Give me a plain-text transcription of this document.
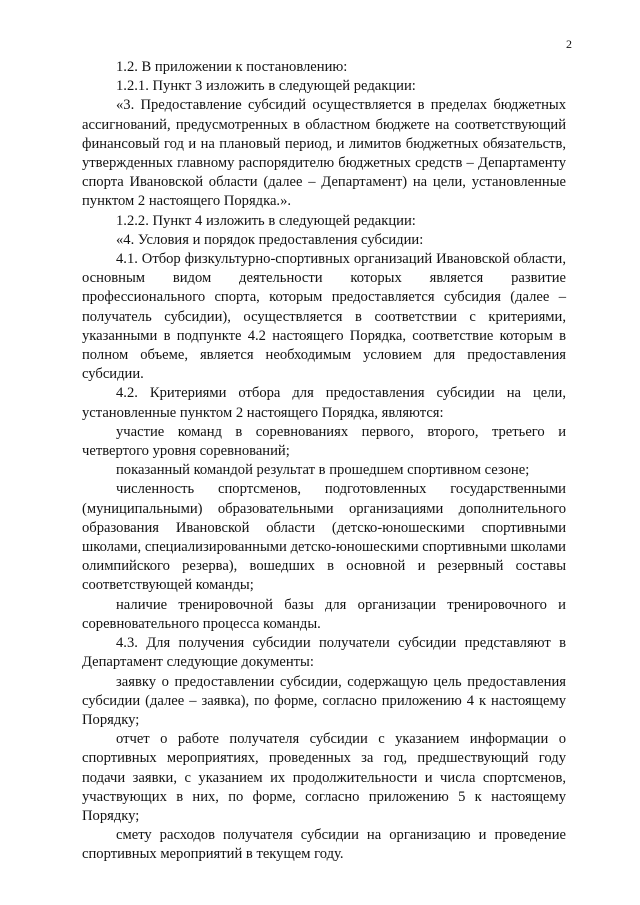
2

1.2. В приложении к постановлению:

1.2.1. Пункт 3 изложить в следующей редакции:

«3. Предоставление субсидий осуществляется в пределах бюджетных ассигнований, предусмотренных в областном бюджете на соответствующий финансовый год и на плановый период, и лимитов бюджетных обязательств, утвержденных главному распорядителю бюджетных средств – Департаменту спорта Ивановской области (далее – Департамент) на цели, установленные пунктом 2 настоящего Порядка.».

1.2.2. Пункт 4 изложить в следующей редакции:

«4. Условия и порядок предоставления субсидии:

4.1. Отбор физкультурно-спортивных организаций Ивановской области, основным видом деятельности которых является развитие профессионального спорта, которым предоставляется субсидия (далее – получатель субсидии), осуществляется в соответствии с критериями, указанными в подпункте 4.2 настоящего Порядка, соответствие которым в полном объеме, является необходимым условием для предоставления субсидии.

4.2. Критериями отбора для предоставления субсидии на цели, установленные пунктом 2 настоящего Порядка, являются:

участие команд в соревнованиях первого, второго, третьего и четвертого уровня соревнований;

показанный командой результат в прошедшем спортивном сезоне;

численность спортсменов, подготовленных государственными (муниципальными) образовательными организациями дополнительного образования Ивановской области (детско-юношескими спортивными школами, специализированными детско-юношескими спортивными школами олимпийского резерва), вошедших в основной и резервный составы соответствующей команды;

наличие тренировочной базы для организации тренировочного и соревновательного процесса команды.

4.3. Для получения субсидии получатели субсидии представляют в Департамент следующие документы:

заявку о предоставлении субсидии, содержащую цель предоставления субсидии (далее – заявка), по форме, согласно приложению 4 к настоящему Порядку;

отчет о работе получателя субсидии с указанием информации о спортивных мероприятиях, проведенных за год, предшествующий году подачи заявки, с указанием их продолжительности и числа спортсменов, участвующих в них, по форме, согласно приложению 5 к настоящему Порядку;

смету расходов получателя субсидии на организацию и проведение спортивных мероприятий в текущем году.
